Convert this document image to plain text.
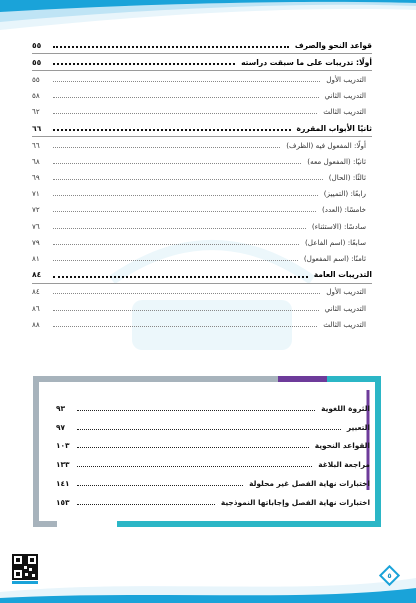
قواعد النحو والصرف
٥٥
أولًا: تدريبات على ما سبقت دراسته
٥٥
التدريب الأول
٥٥
التدريب الثاني
٥٨
التدريب الثالث
٦٢
ثانيًا الأبواب المقررة
٦٦
أولًا: المفعول فيه (الظرف)
٦٦
ثانيًا: (المفعول معه)
٦٨
ثالثًا: (الحال)
٦٩
رابعًا: (التمييز)
٧١
خامسًا: (العدد)
٧٢
سادسًا: (الاستثناء)
٧٦
سابعًا: (اسم الفاعل)
٧٩
ثامنًا: (اسم المفعول)
٨١
التدريبات العامة
٨٤
التدريب الأول
٨٤
التدريب الثاني
٨٦
التدريب الثالث
٨٨
الثروة اللغوية
٩٣
التعبير
٩٧
القواعد النحوية
١٠٣
مراجعة البلاغة
١٣٣
اختبارات نهاية الفصل غير محلولة
١٤١
اختبارات نهاية الفصل وإجاباتها النموذجية
١٥٣
٥
